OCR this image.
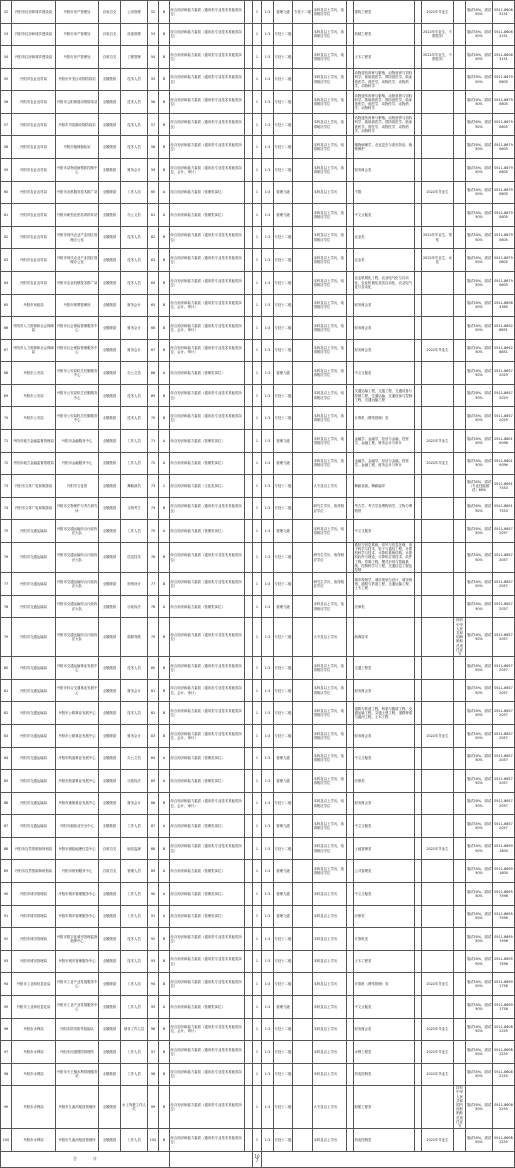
52	丹阳市住房和城乡建设局	丹阳市房产管理处	自收自支	公房管理	52	B	综合知识和能力素质（通用类专业技术其他类岗位）		1	1:3	管理九级	专技十二级	本科及以上学历，取得相应学位		建筑工程类		2022年毕业生		笔试50%，面试50%	0511-86063151
53	丹阳市住房和城乡建设局	丹阳市房产管理处	自收自支	设备管理	53	B	综合知识和能力素质（通用类专业技术其他类岗位）		1	1:3	专技十二级		本科及以上学历，取得相应学位		机械工程类		2022年毕业生，不限性别		笔试50%，面试50%	0511-86063151
54	丹阳市住房和城乡建设局	丹阳市房产管理处	自收自支	工程管理	54	B	综合知识和能力素质（通用类专业技术其他类岗位）		1	1:3	专技十二级		本科及以上学历，取得相应学位		土木工程类		2022年毕业生，不限性别		笔试50%，面试50%	0511-86063151
55	丹阳市农业农村局	丹阳市开发区动物防疫站	全额拨款	技术人员	55	B	综合知识和能力素质（通用类专业技术其他类岗位）		1	1:3	专技十二级		本科及以上学历，取得相应学位		动物遗传育种与繁殖，动物营养与饲料科学，基础兽医学，预防兽医学，临床兽医学，兽医学，动物医学，动物药学，动物科学				笔试50%，面试50%	0511-86790805
56	丹阳市农业农村局	丹阳市云阳街道动物防疫站	全额拨款	技术人员	56	B	综合知识和能力素质（通用类专业技术其他类岗位）		1	1:3	专技十二级		本科及以上学历，取得相应学位		动物遗传育种与繁殖，动物营养与饲料科学，基础兽医学，预防兽医学，临床兽医学，兽医学，动物医学，动物药学，动物科学				笔试50%，面试50%	0511-86790805
57	丹阳市农业农村局	丹阳市司徒镇动物防疫站	全额拨款	技术人员	57	B	综合知识和能力素质（通用类专业技术其他类岗位）		1	1:3	专技十二级		本科及以上学历，取得相应学位		动物遗传育种与繁殖，动物营养与饲料科学，基础兽医学，预防兽医学，临床兽医学，兽医学，动物医学，动物药学，动物科学				笔试50%，面试50%	0511-86790805
58	丹阳市农业农村局	丹阳市植保植检站	全额拨款	技术人员	58	B	综合知识和能力素质（通用类专业技术其他类岗位）		1	1:3	专技十二级		本科及以上学历，取得相应学位		植物病理学，农业昆虫与害虫防治，植物保护				笔试50%，面试50%	0511-86790805
59	丹阳市农业农村局	丹阳市动物疫病预防控制中心	全额拨款	财务会计	59	B	综合知识和能力素质（通用类专业技术其他类岗位，会计、审计）		1	1:3	专技十二级		本科及以上学历，取得相应学位		财务财会类				笔试50%，面试50%	0511-86790805
60	丹阳市农业农村局	丹阳市农机服务技术推广站	全额拨款	工作人员	60	A	综合知识和能力素质（管理类岗位）		1	1:3	管理九级		本科及以上学历		不限		2022年毕业生		笔试50%，面试50%	0511-86790805
61	丹阳市农业农村局	丹阳市新型农民培训指导站	全额拨款	办公文员	61	A	综合知识和能力素质（管理类岗位）		1	1:3	管理九级		本科及以上学历，取得相应学位		中文文秘类				笔试50%，面试50%	0511-86790805
62	丹阳市农业农村局	丹阳市现代农业产业园区管理办公室	全额拨款	技术人员	62	B	综合知识和能力素质（通用类专业技术其他类岗位）		1	1:3	专技十二级		本科及以上学历，取得相应学位		农业类		2022年毕业生，男性		笔试50%，面试50%	0511-86790805
63	丹阳市农业农村局	丹阳市现代农业产业园区管理办公室	全额拨款	技术人员	63	B	综合知识和能力素质（通用类专业技术其他类岗位）		1	1:3	专技十二级		本科及以上学历，取得相应学位		农业类		2022年毕业生，女性		笔试50%，面试50%	0511-86790805
64	丹阳市农业农村局	丹阳市农业机械技术推广站	全额拨款	技术人员	64	B	综合知识和能力素质（通用类专业技术其他类岗位）		1	1:3	专技十二级		本科及以上学历，取得相应学位		农业机械化工程，农业电气化与自动化，农业机械化及其自动化，农业电气化与自动化				笔试50%，面试50%	0511-86790805
65	丹阳市民政局	丹阳市殡葬管理所	全额拨款	财务会计	65	B	综合知识和能力素质（通用类专业技术其他类岗位，会计、审计）		1	1:3	专技十二级		本科及以上学历，取得相应学位		财务财会类				笔试50%，面试50%	0511-86983385
66	丹阳市人力资源和社会保障局	丹阳市社会保险管理服务中心	全额拨款	财务会计	66	B	综合知识和能力素质（通用类专业技术其他类岗位，会计、审计）		1	1:3	专技十二级		本科及以上学历，取得相应学位		财务财会类				笔试50%，面试50%	0511-86926851
67	丹阳市人力资源和社会保障局	丹阳市社会保险管理服务中心	全额拨款	财务会计	67	B	综合知识和能力素质（通用类专业技术其他类岗位，会计、审计）		1	1:3	专技十二级		本科及以上学历，取得相应学位		财务财会类		2022年毕业生		笔试50%，面试50%	0511-86926851
68	丹阳市公安局	丹阳市公安局机关后勤服务中心	全额拨款	办公文员	68	A	综合知识和能力素质（管理类岗位）		1	1:3	管理九级		本科及以上学历，取得相应学位		中文文秘类				笔试50%，面试50%	0511-86572029
69	丹阳市公安局	丹阳市公安局机关后勤服务中心	全额拨款	技术人员	69	B	综合知识和能力素质（通用类专业技术其他类岗位）		1	1:3	专技十二级		本科及以上学历，取得相应学位		交通运输工程，交通工程，交通设备与控制工程，交通运输，交通设备与控制工程，交通运输工程				笔试50%，面试50%	0511-86572029
70	丹阳市公安局	丹阳市公安局机关后勤服务中心	全额拨款	技术人员	70	B	综合知识和能力素质（通用类专业技术其他类岗位）		1	1:3	专技十二级		本科及以上学历，取得相应学位		计算机（网络管理）类				笔试50%，面试50%	0511-86572029
71	丹阳市地方金融监督管理局	丹阳市金融服务中心	全额拨款	工作人员	71	A	综合知识和能力素质（管理类岗位）		1	1:3	管理九级		本科及以上学历，取得相应学位		金融学，金融学，经济与金融，投资学，金融工程，财务会计与审计		2022年毕业生		笔试50%，面试50%	0511-88010096
72	丹阳市地方金融监督管理局	丹阳市金融服务中心	全额拨款	工作人员	72	A	综合知识和能力素质（管理类岗位）		1	1:3	管理九级		本科及以上学历，取得相应学位		金融学，金融学，经济与金融，投资学，金融工程，财务会计与审计		2022年毕业生		笔试50%，面试50%	0511-88010096
73	丹阳市文体广电和旅游局	丹阳市文化馆	全额拨款	舞蹈演员	73	C	综合知识和能力素质（文化类岗位）		1	1:3	专技十二级		大专及以上学历		舞蹈表演，舞蹈编导				笔试30%，面试（专业技能测试）60%	0511-86917553
74	丹阳市文体广电和旅游局	丹阳市文物保护与考古研究所	全额拨款	文物考古	74	B	综合知识和能力素质（通用类专业技术其他类岗位）		1	1:3	专技十二级		研究生学历，取得相应学位		考古学，考古学及博物馆学，文物与博物馆				笔试50%，面试50%	0511-86917553
75	丹阳市交通运输局	丹阳市交通运输综合行政执法大队	全额拨款	工作人员	75	A	综合知识和能力素质（管理类岗位）		1	1:3	管理九级		本科及以上学历，取得相应学位		中文文秘类				笔试50%，面试50%	0511-86572057
76	丹阳市交通运输局	丹阳市交通运输综合行政执法大队	全额拨款	信息技术	76	B	综合知识和能力素质（通用类专业技术其他类岗位）		1	1:3	专技十二级		研究生学历，取得相应学位		通信与信息系统，信号与信息处理，电子科学与技术，电子与通信工程，计算机科学与技术，计算机系统结构，计算机软件与理论，计算机应用技术，软件工程，控制工程，模式识别与智能系统，控制科学与工程，交通信息工程及控制				笔试50%，面试50%	0511-86572057
77	丹阳市交通运输局	丹阳市交通运输综合行政执法大队	全额拨款	规划设计	77	B	综合知识和能力素质（通用类专业技术其他类岗位）		1	1:3	专技十二级		研究生学历，取得相应学位		城乡规划学，城市规划与设计，城市规划，道路与铁道工程，交通运输工程，土木工程				笔试50%，面试50%	0511-86572057
78	丹阳市交通运输局	丹阳市交通运输综合行政执法大队	全额拨款	行政执法	78	A	综合知识和能力素质（管理类岗位）		1	1:3	管理九级		本科及以上学历，取得相应学位		法律类				笔试50%，面试50%	0511-86572057
79	丹阳市交通运输局	丹阳市交通运输综合行政执法大队	全额拨款	船舶驾驶	79	B	综合知识和能力素质（通用类专业技术其他类岗位）		1	1:3	专技十三级		大专及以上学历		航海技术			持有中华人民共和国海船船员适任证书	笔试50%，面试50%	0511-86572057
80	丹阳市交通运输局	丹阳市交通运输事业发展中心	全额拨款	技术人员	80	B	综合知识和能力素质（通用类专业技术其他类岗位）		1	1:3	专技十二级		本科及以上学历，取得相应学位		交通工程类				笔试50%，面试50%	0511-86572057
81	丹阳市交通运输局	丹阳市综合交通事业发展中心	全额拨款	财务会计	81	B	综合知识和能力素质（通用类专业技术其他类岗位，会计、审计）		1	1:3	专技十二级		本科及以上学历，取得相应学位		财务财会类				笔试50%，面试50%	0511-86572057
82	丹阳市交通运输局	丹阳市公路事业发展中心	全额拨款	技术人员	82	B	综合知识和能力素质（通用类专业技术其他类岗位）		1	1:3	专技十二级		本科及以上学历，取得相应学位		道路与铁道工程，桥梁与隧道工程，交通运输工程，交通土建工程，道路桥梁与渡河工程，土木工程				笔试50%，面试50%	0511-86572057
83	丹阳市交通运输局	丹阳市公路事业发展中心	全额拨款	财务会计	83	B	综合知识和能力素质（通用类专业技术其他类岗位，会计、审计）		1	1:3	专技十二级		本科及以上学历，取得相应学位		财务财会类		2022年毕业生		笔试50%，面试50%	0511-86572057
84	丹阳市交通运输局	丹阳市航道事业发展中心	全额拨款	办公文员	84	A	综合知识和能力素质（管理类岗位）		1	1:3	管理九级		本科及以上学历，取得相应学位		中文文秘类				笔试50%，面试50%	0511-86572057
85	丹阳市交通运输局	丹阳市航道事业发展中心	全额拨款	行政执法	85	A	综合知识和能力素质（管理类岗位）		1	1:3	管理九级		本科及以上学历，取得相应学位		法律类				笔试50%，面试50%	0511-86572057
86	丹阳市交通运输局	丹阳市港航事业发展中心	全额拨款	财务会计	86	B	综合知识和能力素质（通用类专业技术其他类岗位，会计、审计）		1	1:3	专技十二级		本科及以上学历，取得相应学位		财务财会类				笔试50%，面试50%	0511-86572057
87	丹阳市交通运输局	丹阳市邮政业安全中心	全额拨款	工作人员	87	A	综合知识和能力素质（管理类岗位）		1	1:3	管理九级		本科及以上学历，取得相应学位		中文文秘类				笔试50%，面试50%	0511-86572057
88	丹阳市自然资源和规划局	丹阳市测绘地理信息中心	自收自支	地信监测	88	B	综合知识和能力素质（通用类专业技术其他类岗位）		1	1:3	专技十二级		本科及以上学历，取得相应学位		土地管理类		2022年毕业生		笔试50%，面试50%	0511-86991800
89	丹阳市自然资源和规划局	丹阳市规划服务中心	自收自支	管理人员	89	A	综合知识和能力素质（管理类岗位）		1	1:3	管理九级		本科及以上学历，取得相应学位		公共管理类				笔试50%，面试50%	0511-86991800
90	丹阳市城市管理局	丹阳市城市管理服务中心	全额拨款	工作人员	90	A	综合知识和能力素质（管理类岗位）		1	1:3	管理九级		本科及以上学历		中文文秘类				笔试50%，面试50%	0511-86957596
91	丹阳市城市管理局	丹阳市城市管理服务中心	全额拨款	工作人员	91	A	综合知识和能力素质（管理类岗位）		1	1:3	管理九级		本科及以上学历		法律类				笔试50%，面试50%	0511-86957596
92	丹阳市城市管理局	丹阳市数字化城市管理监督指挥中心	全额拨款	技术人员	92	B	综合知识和能力素质（通用类专业技术其他类岗位）		1	1:3	专技十二级		本科及以上学历		计算机类				笔试50%，面试50%	0511-86957596
93	丹阳市城市管理局	丹阳市城市管理服务中心	全额拨款	技术人员	93	B	综合知识和能力素质（通用类专业技术其他类岗位）		1	1:3	专技十二级		本科及以上学历		土木工程类				笔试50%，面试50%	0511-86957596
94	丹阳市工业和信息化局	丹阳市工业产业发展服务中心	全额拨款	工作人员	94	B	综合知识和能力素质（通用类专业技术其他类岗位）		1	1:3	专技十二级		本科及以上学历		计算机（网络管理）类		2022年毕业生		笔试50%，面试50%	0511-86991758
95	丹阳市工业和信息化局	丹阳市工业产业发展服务中心	全额拨款	工作人员	95	A	综合知识和能力素质（管理类岗位）		1	1:3	管理九级		本科及以上学历		中文文秘类				笔试50%，面试50%	0511-86991758
96	丹阳市水利局	丹阳市防汛防旱抢险队	全额拨款	财务工作人员	96	B	综合知识和能力素质（通用类专业技术其他类岗位，会计、审计）		1	1:3	专技十二级		本科及以上学历		财务财会类		2022年毕业生		笔试50%，面试50%	0511-86082255
97	丹阳市水利局	丹阳市河道堤防管理所	全额拨款	工作人员	97	B	综合知识和能力素质（通用类专业技术其他类岗位）		1	1:3	专技十二级		本科及以上学历		水利工程类		2022年毕业生		笔试50%，面试50%	0511-86082255
98	丹阳市水利局	丹阳市天王镇水利管理服务站	全额拨款	工作人员	98	B	综合知识和能力素质（通用类专业技术其他类岗位）		1	1:3	专技十二级		本科及以上学历		机电控制类		2022年毕业生		笔试50%，面试50%	0511-86082255
99	丹阳市水利局	丹阳市九曲河枢纽管理所	全额拨款	水上驾驶工作人员	99	B	综合知识和能力素质（通用类专业技术其他类岗位）		1	1:3	专技十二级		大专及以上学历		船舶工程类			持有中华人民共和国内河船舶船员适任证书	笔试50%，面试50%	0511-86082255
100	丹阳市水利局	丹阳市九曲河枢纽管理所	全额拨款	工作人员	100	B	综合知识和能力素质（通用类专业技术其他类岗位）		1	1:3	专技十二级		本科及以上学历		机电控制类		2022年毕业生		笔试50%，面试50%	0511-86082255
合     计									107											
